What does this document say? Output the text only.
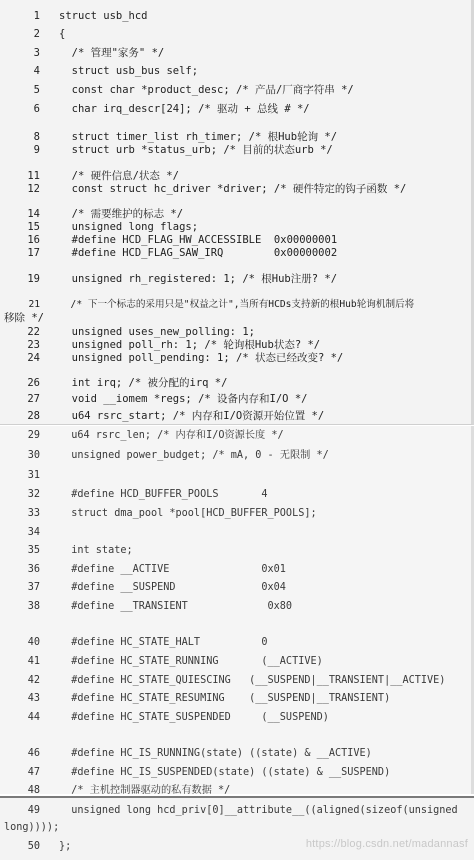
1 struct usb_hcd
2 {
3	/* 管理"家务" */
4	struct usb_bus self;
5	const char *product_desc; /* 产品/厂商字符串 */
6	char irq_descr[24]; /* 驱动 + 总线 # */
8	struct timer_list rh_timer; /* 根Hub轮询 */
9	struct urb *status_urb; /* 目前的状态urb */
11	/* 硬件信息/状态 */
12	const struct hc_driver *driver; /* 硬件特定的钩子函数 */
14	/* 需要维护的标志 */
15	unsigned long flags;
16	#define HCD_FLAG_HW_ACCESSIBLE  0x00000001
17	#define HCD_FLAG_SAW_IRQ        0x00000002
19	unsigned rh_registered: 1; /* 根Hub注册? */
21	/* 下一个标志的采用只是"权益之计",当所有HCDs支持新的根Hub轮询机制后将
移除 */
22	unsigned uses_new_polling: 1;
23	unsigned poll_rh: 1; /* 轮询根Hub状态? */
24	unsigned poll_pending: 1; /* 状态已经改变? */
26	int irq; /* 被分配的irq */
27	void __iomem *regs; /* 设备内存和I/O */
28	u64 rsrc_start; /* 内存和I/O资源开始位置 */
29	u64 rsrc_len; /* 内存和I/O资源长度 */
30	unsigned power_budget; /* mA, 0 - 无限制 */
31
32	#define HCD_BUFFER_POOLS       4
33	struct dma_pool *pool[HCD_BUFFER_POOLS];
34
35	int state;
36	#define __ACTIVE               0x01
37	#define __SUSPEND              0x04
38	#define __TRANSIENT             0x80
40	#define HC_STATE_HALT          0
41	#define HC_STATE_RUNNING       (__ACTIVE)
42	#define HC_STATE_QUIESCING   (__SUSPEND|__TRANSIENT|__ACTIVE)
43	#define HC_STATE_RESUMING    (__SUSPEND|__TRANSIENT)
44	#define HC_STATE_SUSPENDED     (__SUSPEND)
46	#define HC_IS_RUNNING(state) ((state) & __ACTIVE)
47	#define HC_IS_SUSPENDED(state) ((state) & __SUSPEND)
48	/* 主机控制器驱动的私有数据 */
49	unsigned long hcd_priv[0]__attribute__((aligned(sizeof(unsigned
long))));
50 };	https://blog.csdn.net/madannasf
